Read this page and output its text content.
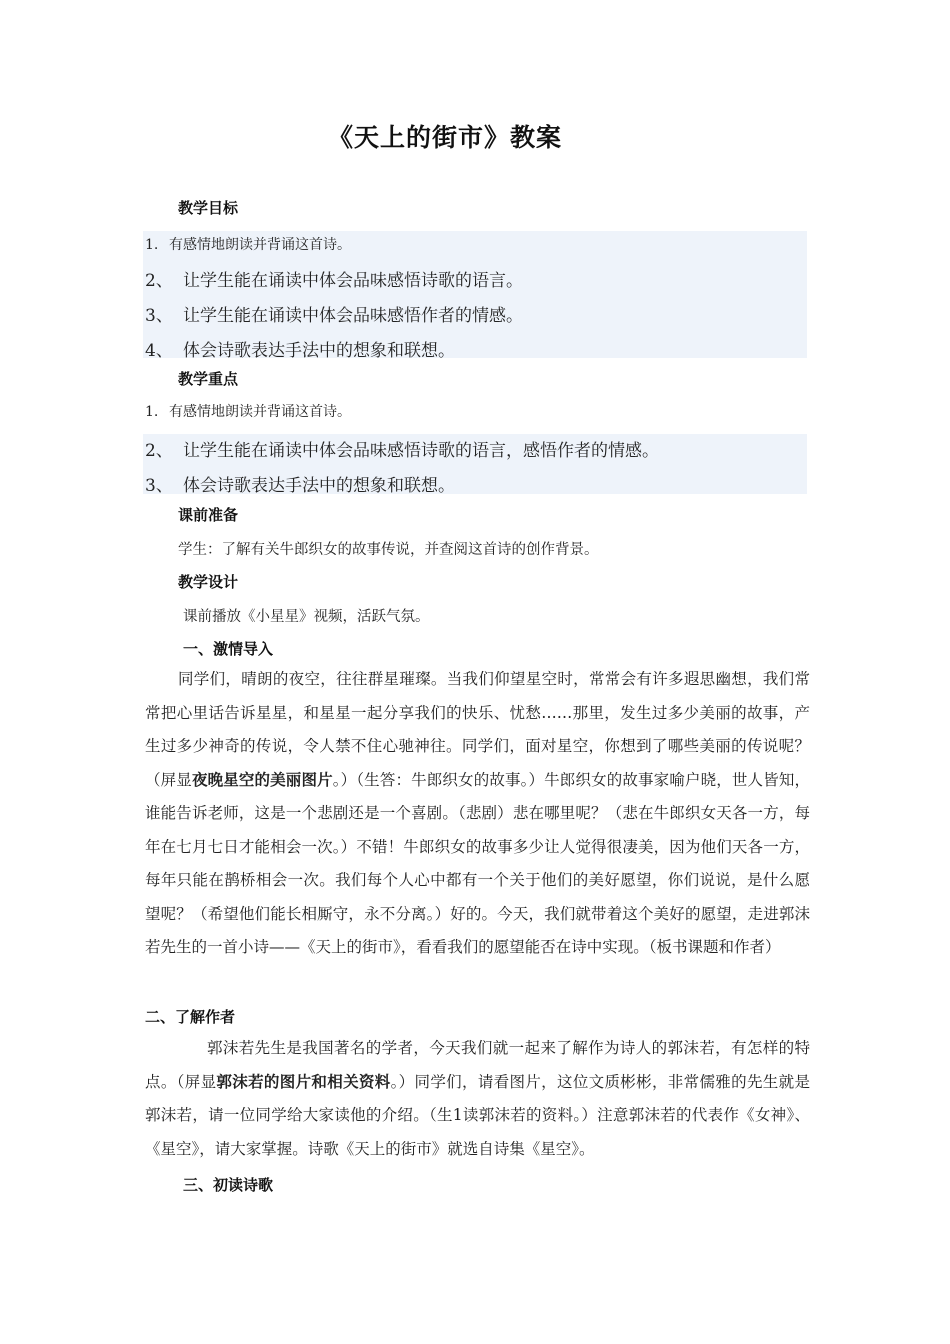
《天上的街市》教案
教学目标
1. 有感情地朗读并背诵这首诗。
2、 让学生能在诵读中体会品味感悟诗歌的语言。
3、 让学生能在诵读中体会品味感悟作者的情感。
4、 体会诗歌表达手法中的想象和联想。
教学重点
1. 有感情地朗读并背诵这首诗。
2、 让学生能在诵读中体会品味感悟诗歌的语言，感悟作者的情感。
3、 体会诗歌表达手法中的想象和联想。
课前准备
学生：了解有关牛郎织女的故事传说，并查阅这首诗的创作背景。
教学设计
课前播放《小星星》视频，活跃气氛。
一、激情导入
同学们，晴朗的夜空，往往群星璀璨。当我们仰望星空时，常常会有许多遐思幽想，我们常常把心里话告诉星星，和星星一起分享我们的快乐、忧愁……那里，发生过多少美丽的故事，产生过多少神奇的传说，令人禁不住心驰神往。同学们，面对星空，你想到了哪些美丽的传说呢？（屏显夜晚星空的美丽图片。）（生答：牛郎织女的故事。）牛郎织女的故事家喻户晓，世人皆知，谁能告诉老师，这是一个悲剧还是一个喜剧。（悲剧）悲在哪里呢？（悲在牛郎织女天各一方，每年在七月七日才能相会一次。）不错！牛郎织女的故事多少让人觉得很凄美，因为他们天各一方，每年只能在鹊桥相会一次。我们每个人心中都有一个关于他们的美好愿望，你们说说，是什么愿望呢？（希望他们能长相厮守，永不分离。）好的。今天，我们就带着这个美好的愿望，走进郭沫若先生的一首小诗——《天上的街市》，看看我们的愿望能否在诗中实现。（板书课题和作者）
二、了解作者
郭沫若先生是我国著名的学者，今天我们就一起来了解作为诗人的郭沫若，有怎样的特点。（屏显郭沫若的图片和相关资料。）同学们，请看图片，这位文质彬彬，非常儒雅的先生就是郭沫若，请一位同学给大家读他的介绍。（生1读郭沫若的资料。）注意郭沫若的代表作《女神》、《星空》，请大家掌握。诗歌《天上的街市》就选自诗集《星空》。
三、初读诗歌
